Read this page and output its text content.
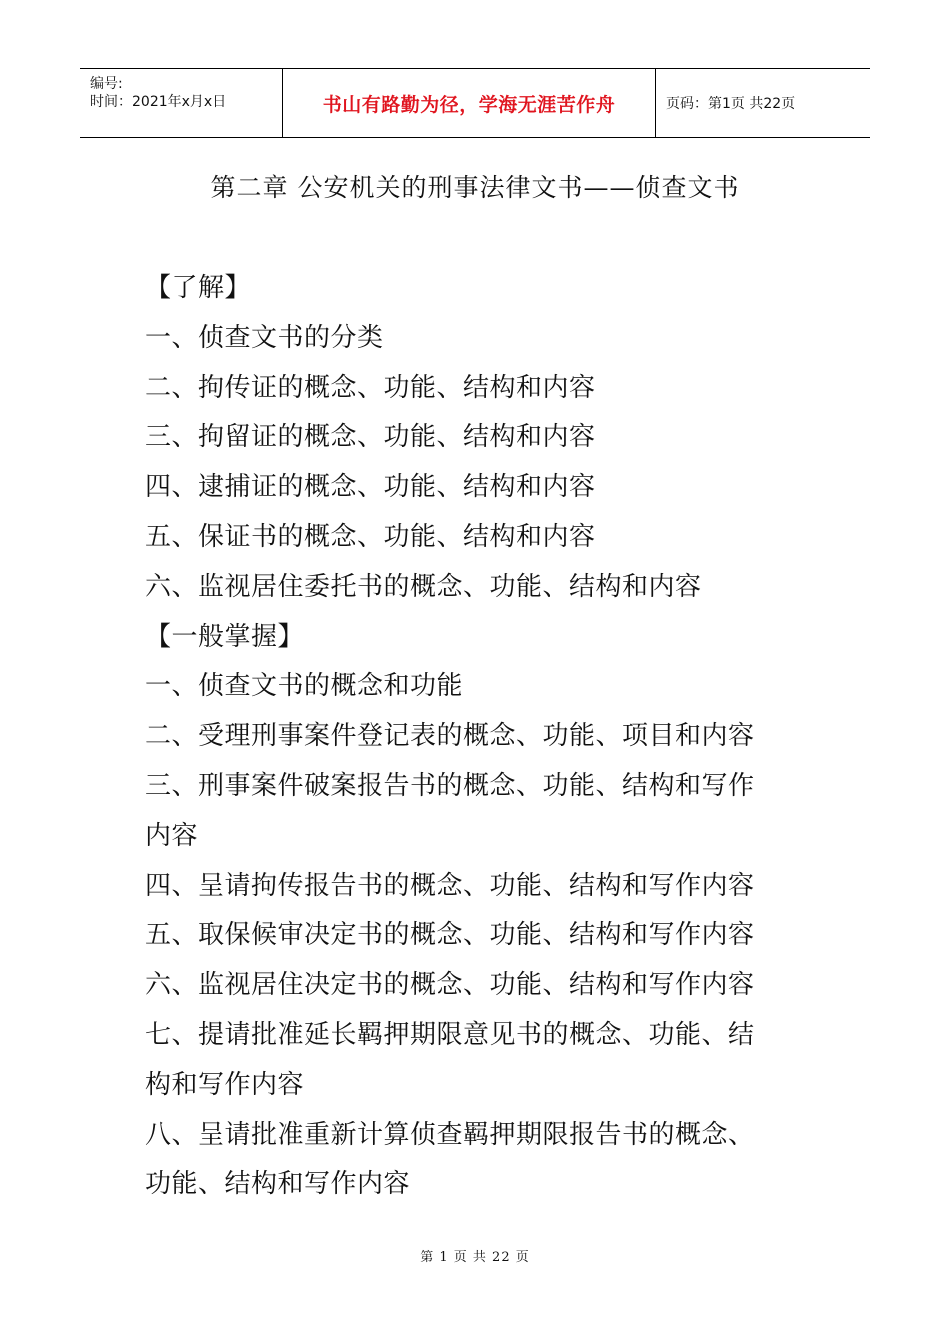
编号:
时间：2021年x月x日	书山有路勤为径，学海无涯苦作舟	页码：第1页 共22页
第二章 公安机关的刑事法律文书——侦查文书
【了解】
一、侦查文书的分类
二、拘传证的概念、功能、结构和内容
三、拘留证的概念、功能、结构和内容
四、逮捕证的概念、功能、结构和内容
五、保证书的概念、功能、结构和内容
六、监视居住委托书的概念、功能、结构和内容
【一般掌握】
一、侦查文书的概念和功能
二、受理刑事案件登记表的概念、功能、项目和内容
三、刑事案件破案报告书的概念、功能、结构和写作
内容
四、呈请拘传报告书的概念、功能、结构和写作内容
五、取保候审决定书的概念、功能、结构和写作内容
六、监视居住决定书的概念、功能、结构和写作内容
七、提请批准延长羁押期限意见书的概念、功能、结
构和写作内容
八、呈请批准重新计算侦查羁押期限报告书的概念、
功能、结构和写作内容
第 1 页 共 22 页
